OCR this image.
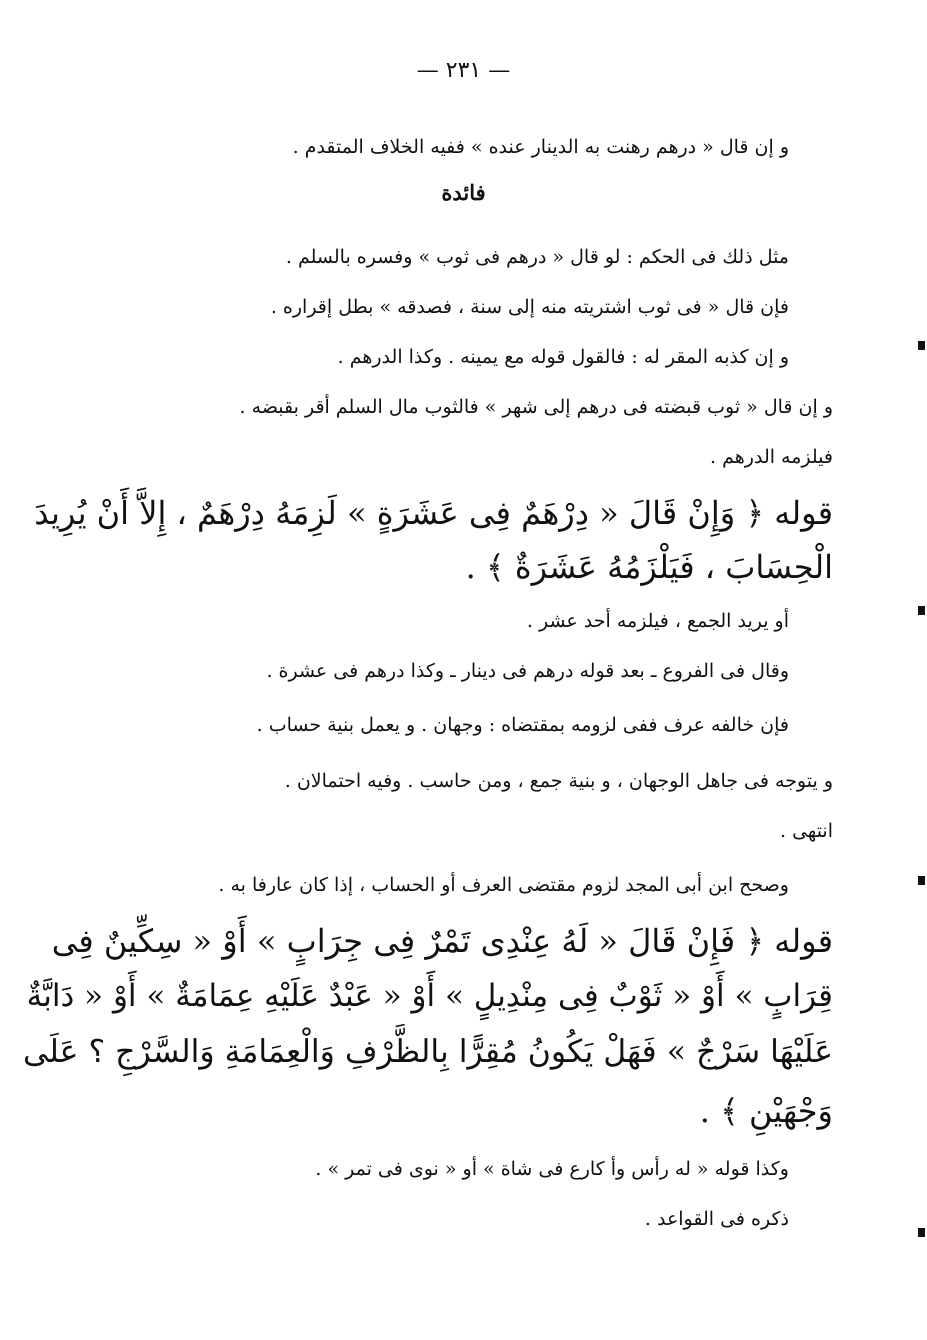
— ٢٣١ —
و إن قال « درهم رهنت به الدينار عنده » ففيه الخلاف المتقدم .
فائدة
مثل ذلك فى الحكم : لو قال « درهم فى ثوب » وفسره بالسلم .
فإن قال « فى ثوب اشتريته منه إلى سنة ، فصدقه » بطل إقراره .
و إن كذبه المقر له : فالقول قوله مع يمينه . وكذا الدرهم .
و إن قال « ثوب قبضته فى درهم إلى شهر » فالثوب مال السلم أقر بقبضه .
فيلزمه الدرهم .
قوله ﴿ وَإِنْ قَالَ « دِرْهَمٌ فِى عَشَرَةٍ » لَزِمَهُ دِرْهَمٌ ، إِلاَّ أَنْ يُرِيدَ
الْحِسَابَ ، فَيَلْزَمُهُ عَشَرَةٌ ﴾ .
أو يريد الجمع ، فيلزمه أحد عشر .
وقال فى الفروع ـ بعد قوله درهم فى دينار ـ وكذا درهم فى عشرة .
فإن خالفه عرف ففى لزومه بمقتضاه : وجهان . و يعمل بنية حساب .
و يتوجه فى جاهل الوجهان ، و بنية جمع ، ومن حاسب . وفيه احتمالان .
انتهى .
وصحح ابن أبى المجد لزوم مقتضى العرف أو الحساب ، إذا كان عارفا به .
قوله ﴿ فَإِنْ قَالَ « لَهُ عِنْدِى تَمْرٌ فِى جِرَابٍ » أَوْ « سِكِّينٌ فِى
قِرَابٍ » أَوْ « ثَوْبٌ فِى مِنْدِيلٍ » أَوْ « عَبْدٌ عَلَيْهِ عِمَامَةٌ » أَوْ « دَابَّةٌ
عَلَيْهَا سَرْجٌ » فَهَلْ يَكُونُ مُقِرًّا بِالظَّرْفِ وَالْعِمَامَةِ وَالسَّرْجِ ؟ عَلَى
وَجْهَيْنِ ﴾ .
وكذا قوله « له رأس وأ كارع فى شاة » أو « نوى فى تمر » .
ذكره فى القواعد .
